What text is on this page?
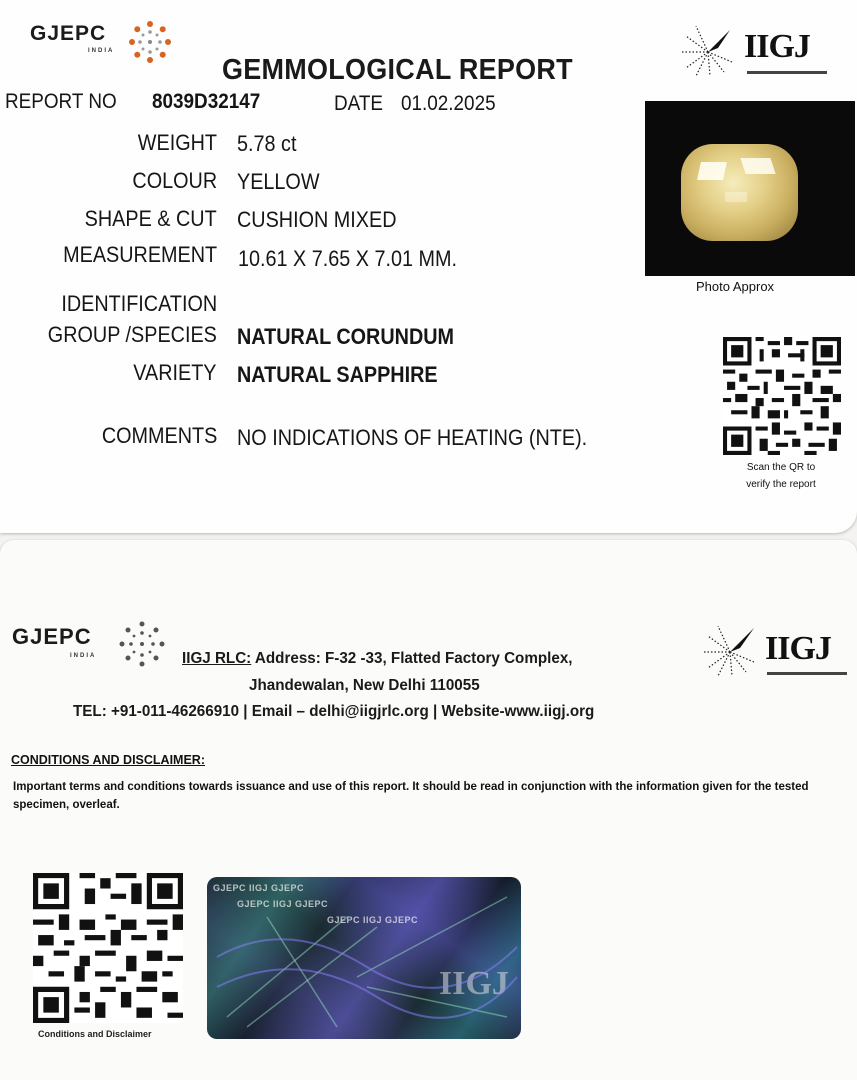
GJEPC
INDIA	IIGJ
GEMMOLOGICAL REPORT
REPORT NO 8039D32147	DATE 01.02.2025
WEIGHT 5.78 ct
COLOUR YELLOW
SHAPE & CUT CUSHION MIXED
MEASUREMENT 10.61 X 7.65 X 7.01 MM.
IDENTIFICATION
GROUP /SPECIES NATURAL CORUNDUM
VARIETY NATURAL SAPPHIRE
COMMENTS NO INDICATIONS OF HEATING (NTE).
Photo Approx
Scan the QR to
verify the report
GJEPC
INDIA	IIGJ
IIGJ RLC: Address: F-32 -33, Flatted Factory Complex,
Jhandewalan, New Delhi 110055
TEL: +91-011-46266910 | Email – delhi@iigjrlc.org | Website-www.iigj.org
CONDITIONS AND DISCLAIMER:
Important terms and conditions towards issuance and use of this report. It should be read in conjunction with the information given for the tested specimen, overleaf.
Conditions and Disclaimer
GJEPC IIGJ GJEPC
GJEPC IIGJ GJEPC
GJEPC IIGJ GJEPC
IIGJ
